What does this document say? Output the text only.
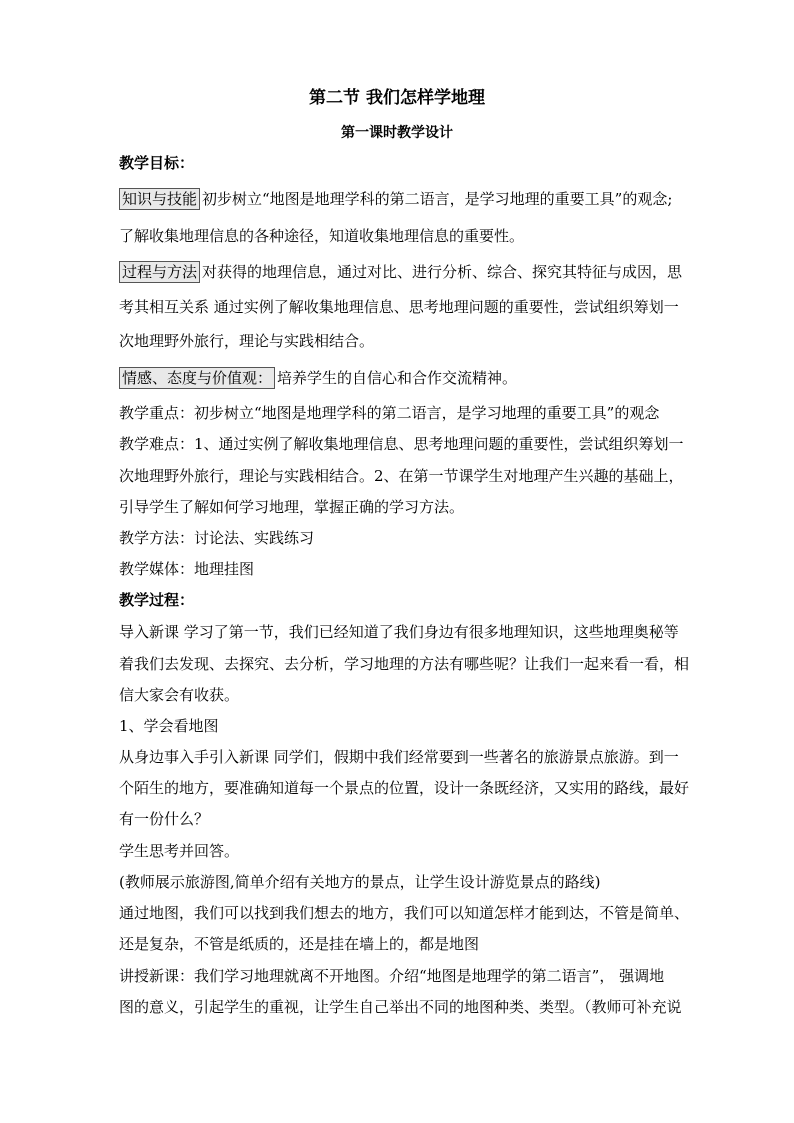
第二节 我们怎样学地理
第一课时教学设计
教学目标：
知识与技能 初步树立“地图是地理学科的第二语言，是学习地理的重要工具”的观念;
了解收集地理信息的各种途径，知道收集地理信息的重要性。
过程与方法 对获得的地理信息，通过对比、进行分析、综合、探究其特征与成因，思
考其相互关系 通过实例了解收集地理信息、思考地理问题的重要性，尝试组织筹划一
次地理野外旅行，理论与实践相结合。
情感、态度与价值观： 培养学生的自信心和合作交流精神。
教学重点：初步树立“地图是地理学科的第二语言，是学习地理的重要工具”的观念
教学难点：1、通过实例了解收集地理信息、思考地理问题的重要性，尝试组织筹划一
次地理野外旅行，理论与实践相结合。2、在第一节课学生对地理产生兴趣的基础上，
引导学生了解如何学习地理，掌握正确的学习方法。
教学方法：讨论法、实践练习
教学媒体：地理挂图
教学过程：
导入新课 学习了第一节，我们已经知道了我们身边有很多地理知识，这些地理奥秘等
着我们去发现、去探究、去分析，学习地理的方法有哪些呢？让我们一起来看一看，相
信大家会有收获。
1、学会看地图
从身边事入手引入新课 同学们，假期中我们经常要到一些著名的旅游景点旅游。到一
个陌生的地方，要准确知道每一个景点的位置，设计一条既经济，又实用的路线，最好
有一份什么？
学生思考并回答。
(教师展示旅游图,简单介绍有关地方的景点，让学生设计游览景点的路线)
通过地图，我们可以找到我们想去的地方，我们可以知道怎样才能到达，不管是简单、
还是复杂，不管是纸质的，还是挂在墙上的，都是地图
讲授新课：我们学习地理就离不开地图。介绍“地图是地理学的第二语言”， 强调地
图的意义，引起学生的重视，让学生自己举出不同的地图种类、类型。（教师可补充说
